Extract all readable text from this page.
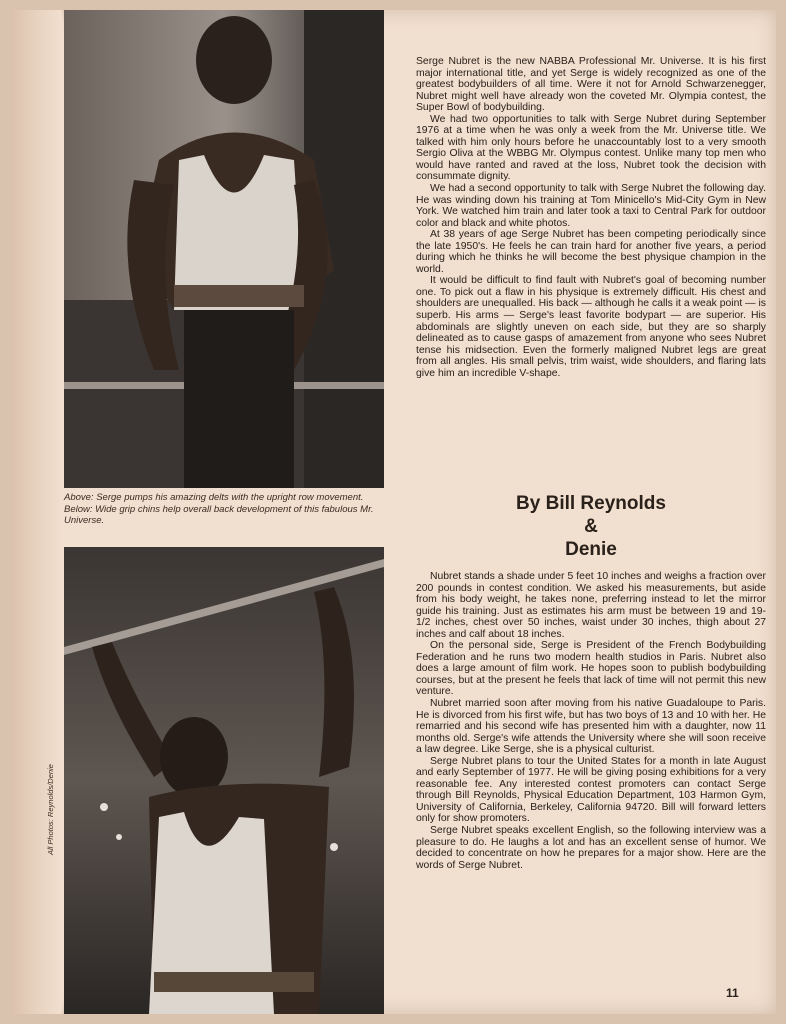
Above: Serge pumps his amazing delts with the upright row movement.
Below: Wide grip chins help overall back development of this fabulous Mr. Universe.
All Photos: Reynolds/Denie

Serge Nubret is the new NABBA Professional Mr. Universe. It is his first major international title, and yet Serge is widely recognized as one of the greatest bodybuilders of all time. Were it not for Arnold Schwarzenegger, Nubret might well have already won the coveted Mr. Olympia contest, the Super Bowl of bodybuilding.

We had two opportunities to talk with Serge Nubret during September 1976 at a time when he was only a week from the Mr. Universe title. We talked with him only hours before he unaccountably lost to a very smooth Sergio Oliva at the WBBG Mr. Olympus contest. Unlike many top men who would have ranted and raved at the loss, Nubret took the decision with consummate dignity.

We had a second opportunity to talk with Serge Nubret the following day. He was winding down his training at Tom Minicello's Mid-City Gym in New York. We watched him train and later took a taxi to Central Park for outdoor color and black and white photos.

At 38 years of age Serge Nubret has been competing periodically since the late 1950's. He feels he can train hard for another five years, a period during which he thinks he will become the best physique champion in the world.

It would be difficult to find fault with Nubret's goal of becoming number one. To pick out a flaw in his physique is extremely difficult. His chest and shoulders are unequalled. His back — although he calls it a weak point — is superb. His arms — Serge's least favorite bodypart — are superior. His abdominals are slightly uneven on each side, but they are so sharply delineated as to cause gasps of amazement from anyone who sees Nubret tense his midsection. Even the formerly maligned Nubret legs are great from all angles. His small pelvis, trim waist, wide shoulders, and flaring lats give him an incredible V-shape.

By Bill Reynolds
&
Denie

Nubret stands a shade under 5 feet 10 inches and weighs a fraction over 200 pounds in contest condition. We asked his measurements, but aside from his body weight, he takes none, preferring instead to let the mirror guide his training. Just as estimates his arm must be between 19 and 19-1/2 inches, chest over 50 inches, waist under 30 inches, thigh about 27 inches and calf about 18 inches.

On the personal side, Serge is President of the French Bodybuilding Federation and he runs two modern health studios in Paris. Nubret also does a large amount of film work. He hopes soon to publish bodybuilding courses, but at the present he feels that lack of time will not permit this new venture.

Nubret married soon after moving from his native Guadaloupe to Paris. He is divorced from his first wife, but has two boys of 13 and 10 with her. He remarried and his second wife has presented him with a daughter, now 11 months old. Serge's wife attends the University where she will soon receive a law degree. Like Serge, she is a physical culturist.

Serge Nubret plans to tour the United States for a month in late August and early September of 1977. He will be giving posing exhibitions for a very reasonable fee. Any interested contest promoters can contact Serge through Bill Reynolds, Physical Education Department, 103 Harmon Gym, University of California, Berkeley, California 94720. Bill will forward letters only for show promoters.

Serge Nubret speaks excellent English, so the following interview was a pleasure to do. He laughs a lot and has an excellent sense of humor. We decided to concentrate on how he prepares for a major show. Here are the words of Serge Nubret.

11
